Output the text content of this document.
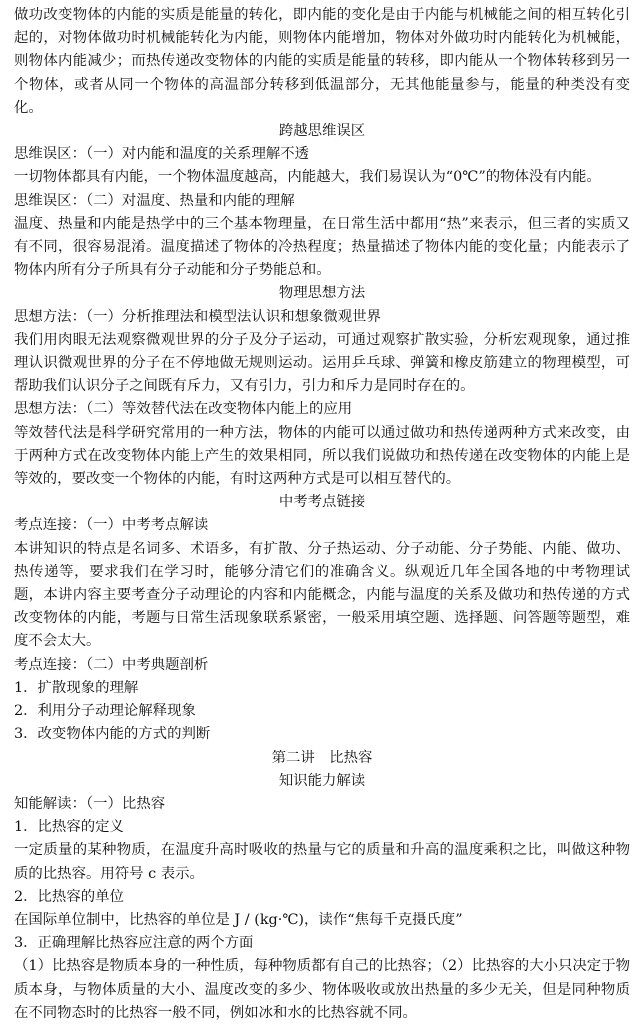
做功改变物体的内能的实质是能量的转化，即内能的变化是由于内能与机械能之间的相互转化引起的，对物体做功时机械能转化为内能，则物体内能增加，物体对外做功时内能转化为机械能，则物体内能减少；而热传递改变物体的内能的实质是能量的转移，即内能从一个物体转移到另一个物体，或者从同一个物体的高温部分转移到低温部分，无其他能量参与，能量的种类没有变化。

跨越思维误区

思维误区：（一）对内能和温度的关系理解不透

一切物体都具有内能，一个物体温度越高，内能越大，我们易误认为“0℃”的物体没有内能。

思维误区：（二）对温度、热量和内能的理解

温度、热量和内能是热学中的三个基本物理量，在日常生活中都用“热”来表示，但三者的实质又有不同，很容易混淆。温度描述了物体的冷热程度；热量描述了物体内能的变化量；内能表示了物体内所有分子所具有分子动能和分子势能总和。

物理思想方法

思想方法：（一）分析推理法和模型法认识和想象微观世界

我们用肉眼无法观察微观世界的分子及分子运动，可通过观察扩散实验，分析宏观现象，通过推理认识微观世界的分子在不停地做无规则运动。运用乒乓球、弹簧和橡皮筋建立的物理模型，可帮助我们认识分子之间既有斥力，又有引力，引力和斥力是同时存在的。

思想方法：（二）等效替代法在改变物体内能上的应用

等效替代法是科学研究常用的一种方法，物体的内能可以通过做功和热传递两种方式来改变，由于两种方式在改变物体内能上产生的效果相同，所以我们说做功和热传递在改变物体的内能上是等效的，要改变一个物体的内能，有时这两种方式是可以相互替代的。

中考考点链接

考点连接：（一）中考考点解读

本讲知识的特点是名词多、术语多，有扩散、分子热运动、分子动能、分子势能、内能、做功、热传递等，要求我们在学习时，能够分清它们的准确含义。纵观近几年全国各地的中考物理试题，本讲内容主要考查分子动理论的内容和内能概念，内能与温度的关系及做功和热传递的方式改变物体的内能，考题与日常生活现象联系紧密，一般采用填空题、选择题、问答题等题型，难度不会太大。

考点连接：（二）中考典题剖析

1．扩散现象的理解

2．利用分子动理论解释现象

3．改变物体内能的方式的判断

第二讲　比热容

知识能力解读

知能解读：（一）比热容

1．比热容的定义

一定质量的某种物质，在温度升高时吸收的热量与它的质量和升高的温度乘积之比，叫做这种物质的比热容。用符号 c 表示。

2．比热容的单位

在国际单位制中，比热容的单位是 J / (kg·℃)，读作“焦每千克摄氏度”

3．正确理解比热容应注意的两个方面

（1）比热容是物质本身的一种性质，每种物质都有自己的比热容；（2）比热容的大小只决定于物质本身，与物体质量的大小、温度改变的多少、物体吸收或放出热量的多少无关，但是同种物质在不同物态时的比热容一般不同，例如冰和水的比热容就不同。
